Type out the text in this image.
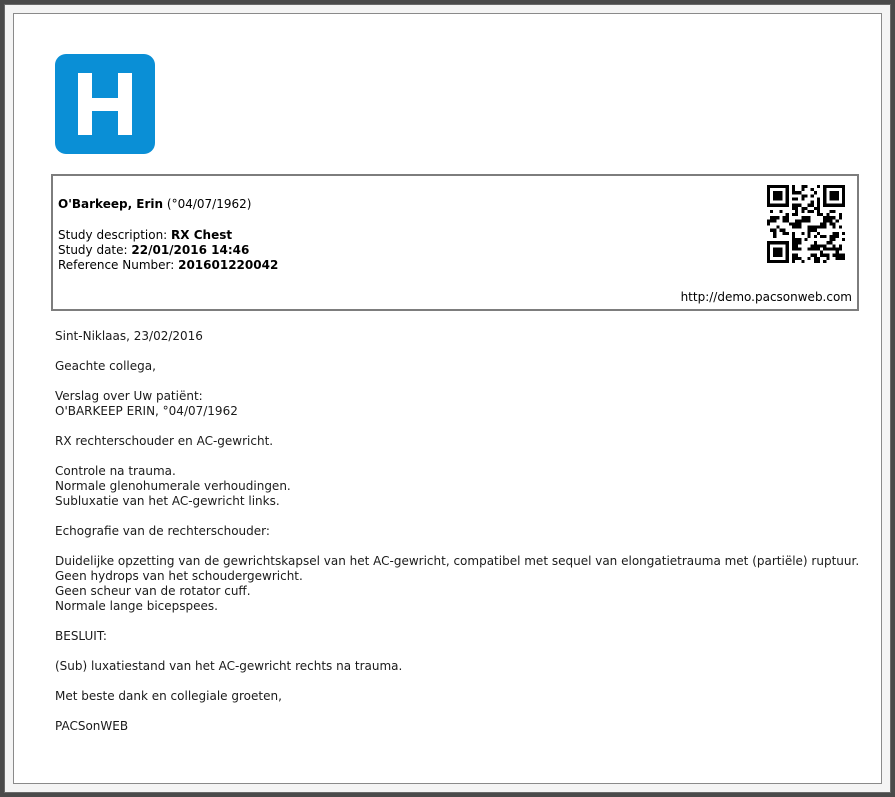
O'Barkeep, Erin (°04/07/1962)
Study description: RX Chest
Study date: 22/01/2016 14:46
Reference Number: 201601220042
http://demo.pacsonweb.com
Sint-Niklaas, 23/02/2016
Geachte collega,
Verslag over Uw patiënt:
O'BARKEEP ERIN, °04/07/1962
RX rechterschouder en AC-gewricht.
Controle na trauma.
Normale glenohumerale verhoudingen.
Subluxatie van het AC-gewricht links.
Echografie van de rechterschouder:
Duidelijke opzetting van de gewrichtskapsel van het AC-gewricht, compatibel met sequel van elongatietrauma met (partiële) ruptuur.
Geen hydrops van het schoudergewricht.
Geen scheur van de rotator cuff.
Normale lange bicepspees.
BESLUIT:
(Sub) luxatiestand van het AC-gewricht rechts na trauma.
Met beste dank en collegiale groeten,
PACSonWEB
